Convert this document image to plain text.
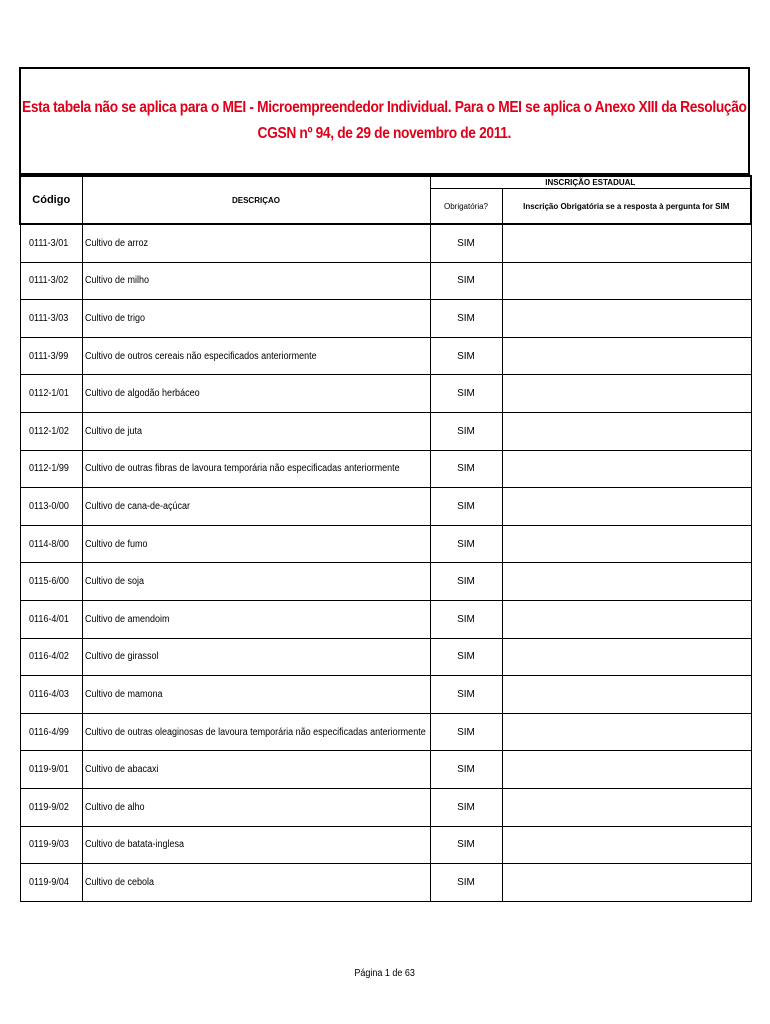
Esta tabela não se aplica para o MEI - Microempreendedor Individual. Para o MEI se aplica o Anexo XIII da Resolução
CGSN nº 94, de 29 de novembro de 2011.
Código	DESCRIÇAO	INSCRIÇÃO ESTADUAL	
		Obrigatória?	Inscrição Obrigatória se a resposta à pergunta for SIM
0111-3/01	Cultivo de arroz	SIM	
0111-3/02	Cultivo de milho	SIM	
0111-3/03	Cultivo de trigo	SIM	
0111-3/99	Cultivo de outros cereais não especificados anteriormente	SIM	
0112-1/01	Cultivo de algodão herbáceo	SIM	
0112-1/02	Cultivo de juta	SIM	
0112-1/99	Cultivo de outras fibras de lavoura temporária não especificadas anteriormente	SIM	
0113-0/00	Cultivo de cana-de-açúcar	SIM	
0114-8/00	Cultivo de fumo	SIM	
0115-6/00	Cultivo de soja	SIM	
0116-4/01	Cultivo de amendoim	SIM	
0116-4/02	Cultivo de girassol	SIM	
0116-4/03	Cultivo de mamona	SIM	
0116-4/99	Cultivo de outras oleaginosas de lavoura temporária não especificadas anteriormente	SIM	
0119-9/01	Cultivo de abacaxi	SIM	
0119-9/02	Cultivo de alho	SIM	
0119-9/03	Cultivo de batata-inglesa	SIM	
0119-9/04	Cultivo de cebola	SIM	
Página 1 de 63
